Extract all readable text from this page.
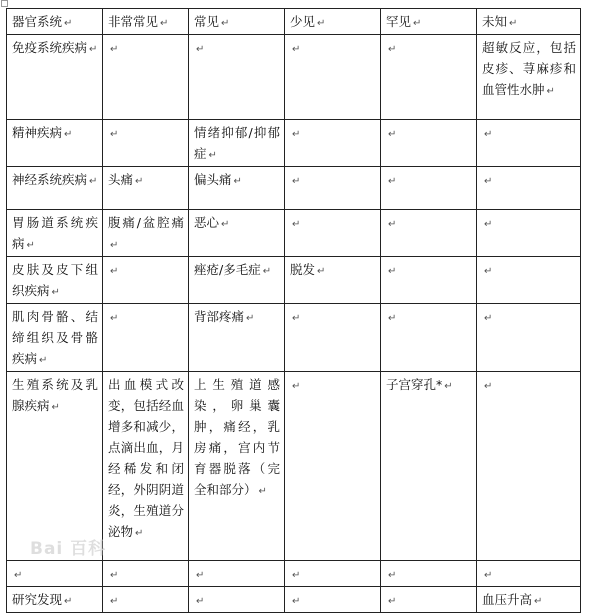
器官系统 ↵	非常常见 ↵	常见 ↵	少见 ↵	罕见 ↵	未知 ↵
免疫系统疾病 ↵	↵	↵	↵	↵	超敏反应，包括皮疹、荨麻疹和血管性水肿 ↵
精神疾病 ↵	↵	情绪抑郁/抑郁症 ↵	↵	↵	↵
神经系统疾病 ↵	头痛 ↵	偏头痛 ↵	↵	↵	↵
胃肠道系统疾病 ↵	腹痛/盆腔痛↵	恶心 ↵	↵	↵	↵
皮肤及皮下组织疾病 ↵	↵	痤疮/多毛症 ↵	脱发 ↵	↵	↵
肌肉骨骼、结缔组织及骨骼疾病 ↵	↵	背部疼痛 ↵	↵	↵	↵
生殖系统及乳腺疾病 ↵	出血模式改变，包括经血增多和减少，点滴出血，月经稀发和闭经，外阴阴道炎，生殖道分泌物 ↵	上生殖道感染，卵巢囊肿，痛经，乳房痛，宫内节育器脱落（完全和部分） ↵	↵	子宫穿孔* ↵	↵
↵	↵	↵	↵	↵	↵
研究发现 ↵	↵	↵	↵	↵	血压升高 ↵
Bai 百科
